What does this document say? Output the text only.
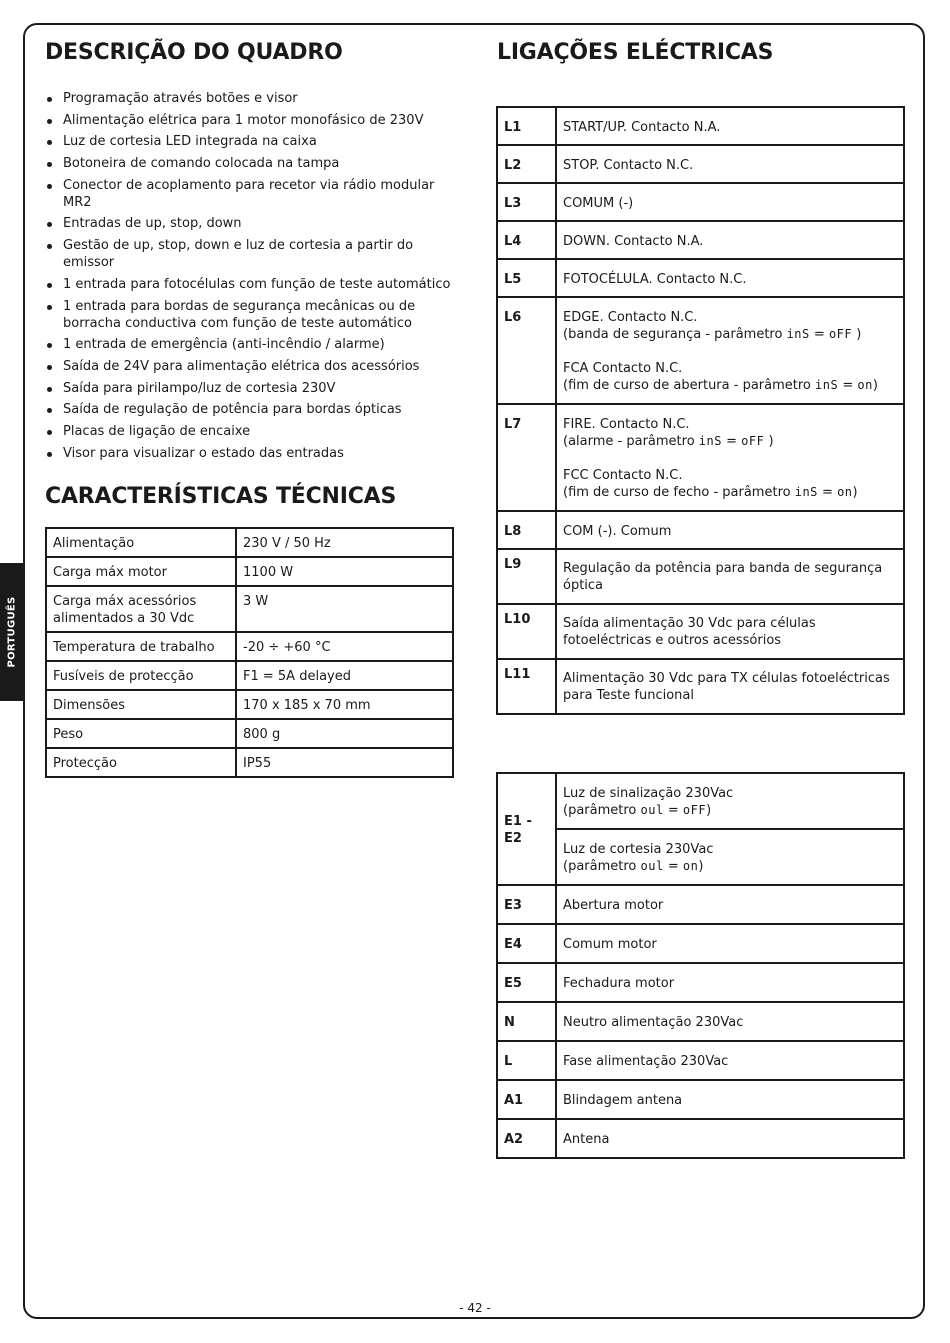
PORTUGUÊS
DESCRIÇÃO DO QUADRO
Programação através botões e visor
Alimentação elétrica para 1 motor monofásico de 230V
Luz de cortesia LED integrada na caixa
Botoneira de comando colocada na tampa
Conector de acoplamento para recetor via rádio modular MR2
Entradas de up, stop, down
Gestão de up, stop, down e luz de cortesia a partir do emissor
1 entrada para fotocélulas com função de teste automático
1 entrada para bordas de segurança mecânicas ou de borracha conductiva com função de teste automático
1 entrada de emergência (anti-incêndio / alarme)
Saída de 24V para alimentação elétrica dos acessórios
Saída para pirilampo/luz de cortesia 230V
Saída de regulação de potência para bordas ópticas
Placas de ligação de encaixe
Visor para visualizar o estado das entradas
CARACTERÍSTICAS TÉCNICAS
Alimentação	230 V / 50 Hz
Carga máx motor	1100 W
Carga máx acessórios alimentados a 30 Vdc	3 W
Temperatura de trabalho	-20 ÷ +60 °C
Fusíveis de protecção	F1 = 5A delayed
Dimensões	170 x 185 x 70 mm
Peso	800 g
Protecção	IP55
LIGAÇÕES ELÉCTRICAS
L1	START/UP. Contacto N.A.
L2	STOP. Contacto N.C.
L3	COMUM (-)
L4	DOWN. Contacto N.A.
L5	FOTOCÉLULA. Contacto N.C.
L6	EDGE. Contacto N.C.
(banda de segurança - parâmetro inS = oFF )
FCA Contacto N.C.
(fim de curso de abertura - parâmetro inS = on)

L7	FIRE. Contacto N.C.
(alarme - parâmetro inS = oFF )
FCC Contacto N.C.
(fim de curso de fecho - parâmetro inS = on)

L8	COM (-). Comum
L9	Regulação da potência para banda de segurança óptica
L10	Saída alimentação 30 Vdc para células fotoeléctricas e outros acessórios
L11	Alimentação 30 Vdc para TX células fotoeléctricas para Teste funcional
E1 - E2	Luz de sinalização 230Vac
(parâmetro oul = oFF)

	Luz de cortesia 230Vac
(parâmetro oul = on)

E3	Abertura motor
E4	Comum motor
E5	Fechadura motor
N	Neutro alimentação 230Vac
L	Fase alimentação 230Vac
A1	Blindagem antena
A2	Antena
- 42 -
